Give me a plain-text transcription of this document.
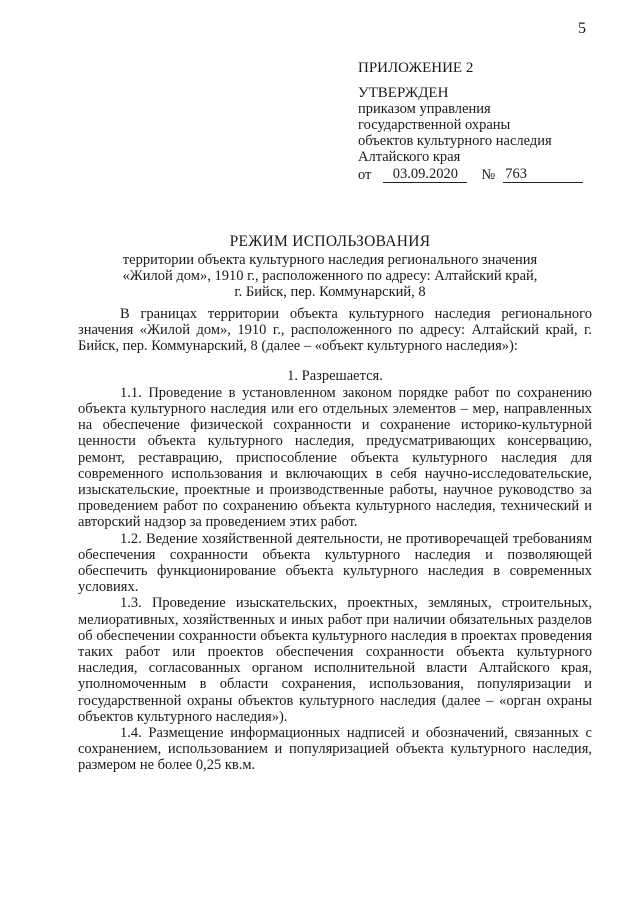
5
ПРИЛОЖЕНИЕ 2
УТВЕРЖДЕН
приказом управления
государственной охраны
объектов культурного наследия
Алтайского края
от	03.09.2020	№ 763
РЕЖИМ ИСПОЛЬЗОВАНИЯ
территории объекта культурного наследия регионального значения
«Жилой дом», 1910 г., расположенного по адресу: Алтайский край,
г. Бийск, пер. Коммунарский, 8

В границах территории объекта культурного наследия регионального значения «Жилой дом», 1910 г., расположенного по адресу: Алтайский край, г. Бийск, пер. Коммунарский, 8 (далее – «объект культурного наследия»):

1. Разрешается.

1.1. Проведение в установленном законом порядке работ по сохранению объекта культурного наследия или его отдельных элементов – мер, направленных на обеспечение физической сохранности и сохранение историко-культурной ценности объекта культурного наследия, предусматривающих консервацию, ремонт, реставрацию, приспособление объекта культурного наследия для современного использования и включающих в себя научно-исследовательские, изыскательские, проектные и производственные работы, научное руководство за проведением работ по сохранению объекта культурного наследия, технический и авторский надзор за проведением этих работ.

1.2. Ведение хозяйственной деятельности, не противоречащей требованиям обеспечения сохранности объекта культурного наследия и позволяющей обеспечить функционирование объекта культурного наследия в современных условиях.

1.3. Проведение изыскательских, проектных, земляных, строительных, мелиоративных, хозяйственных и иных работ при наличии обязательных разделов об обеспечении сохранности объекта культурного наследия в проектах проведения таких работ или проектов обеспечения сохранности объекта культурного наследия, согласованных органом исполнительной власти Алтайского края, уполномоченным в области сохранения, использования, популяризации и государственной охраны объектов культурного наследия (далее – «орган охраны объектов культурного наследия»).

1.4. Размещение информационных надписей и обозначений, связанных с сохранением, использованием и популяризацией объекта культурного наследия, размером не более 0,25 кв.м.
